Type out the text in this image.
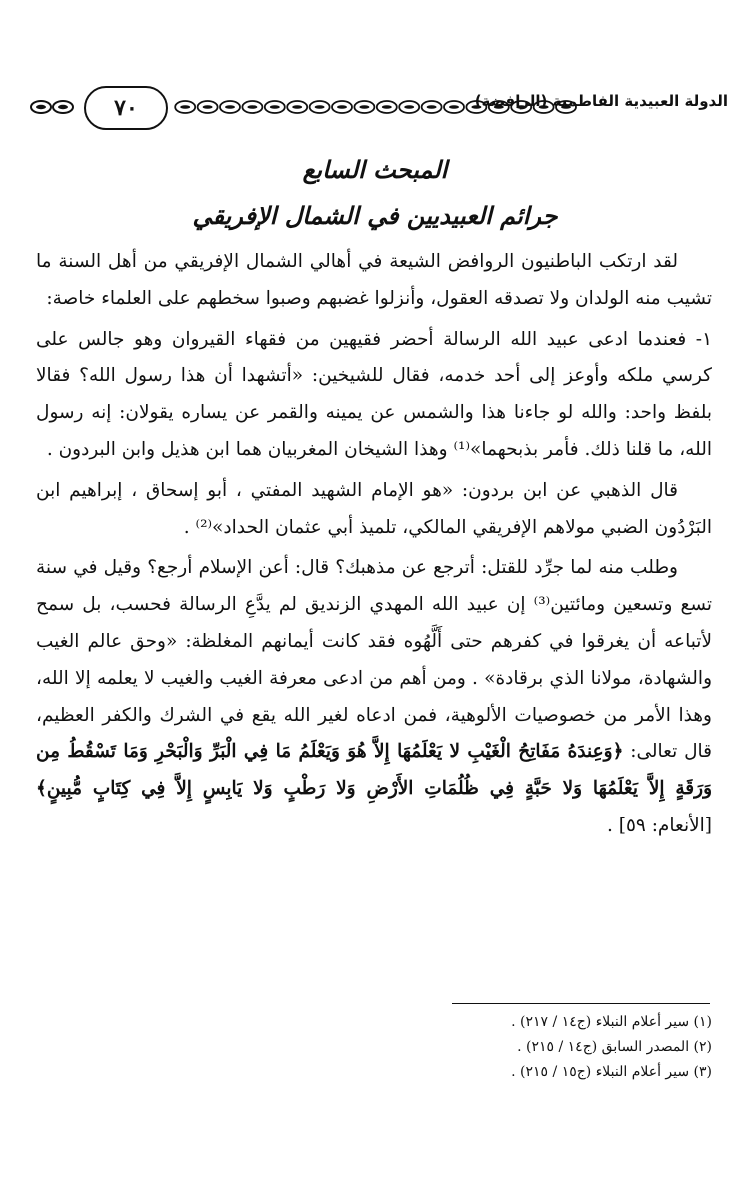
٧٠	الدولة العبيدية الفاطمية (الرافضة)
المبحث السابع
جرائم العبيديين في الشمال الإفريقي

لقد ارتكب الباطنيون الروافض الشيعة في أهالي الشمال الإفريقي من أهل السنة ما تشيب منه الولدان ولا تصدقه العقول، وأنزلوا غضبهم وصبوا سخطهم على العلماء خاصة:

١- فعندما ادعى عبيد الله الرسالة أحضر فقيهين من فقهاء القيروان وهو جالس على كرسي ملكه وأوعز إلى أحد خدمه، فقال للشيخين: «أتشهدا أن هذا رسول الله؟ فقالا بلفظ واحد: والله لو جاءنا هذا والشمس عن يمينه والقمر عن يساره يقولان: إنه رسول الله، ما قلنا ذلك. فأمر بذبحهما»⁽¹⁾ وهذا الشيخان المغربيان هما ابن هذيل وابن البردون .

قال الذهبي عن ابن بردون: «هو الإمام الشهيد المفتي ، أبو إسحاق ، إبراهيم ابن البَرْدُون الضبي مولاهم الإفريقي المالكي، تلميذ أبي عثمان الحداد»⁽²⁾ .

وطلب منه لما جرِّد للقتل: أترجع عن مذهبك؟ قال: أعن الإسلام أرجع؟ وقيل في سنة تسع وتسعين ومائتين⁽³⁾ إن عبيد الله المهدي الزنديق لم يدَّعِ الرسالة فحسب، بل سمح لأتباعه أن يغرقوا في كفرهم حتى أَلَّهُوه فقد كانت أيمانهم المغلظة: «وحق عالم الغيب والشهادة، مولانا الذي برقادة» . ومن أهم من ادعى معرفة الغيب والغيب لا يعلمه إلا الله، وهذا الأمر من خصوصيات الألوهية، فمن ادعاه لغير الله يقع في الشرك والكفر العظيم، قال تعالى: ﴿وَعِندَهُ مَفَاتِحُ الْغَيْبِ لا يَعْلَمُهَا إِلاَّ هُوَ وَيَعْلَمُ مَا فِي الْبَرِّ وَالْبَحْرِ وَمَا تَسْقُطُ مِن وَرَقَةٍ إِلاَّ يَعْلَمُهَا وَلا حَبَّةٍ فِي ظُلُمَاتِ الأَرْضِ وَلا رَطْبٍ وَلا يَابِسٍ إِلاَّ فِي كِتَابٍ مُّبِينٍ﴾ [الأنعام: ٥٩] .

(١) سير أعلام النبلاء (ج١٤ / ٢١٧) .
(٢) المصدر السابق (ج١٤ / ٢١٥) .
(٣) سير أعلام النبلاء (ج١٥ / ٢١٥) .
